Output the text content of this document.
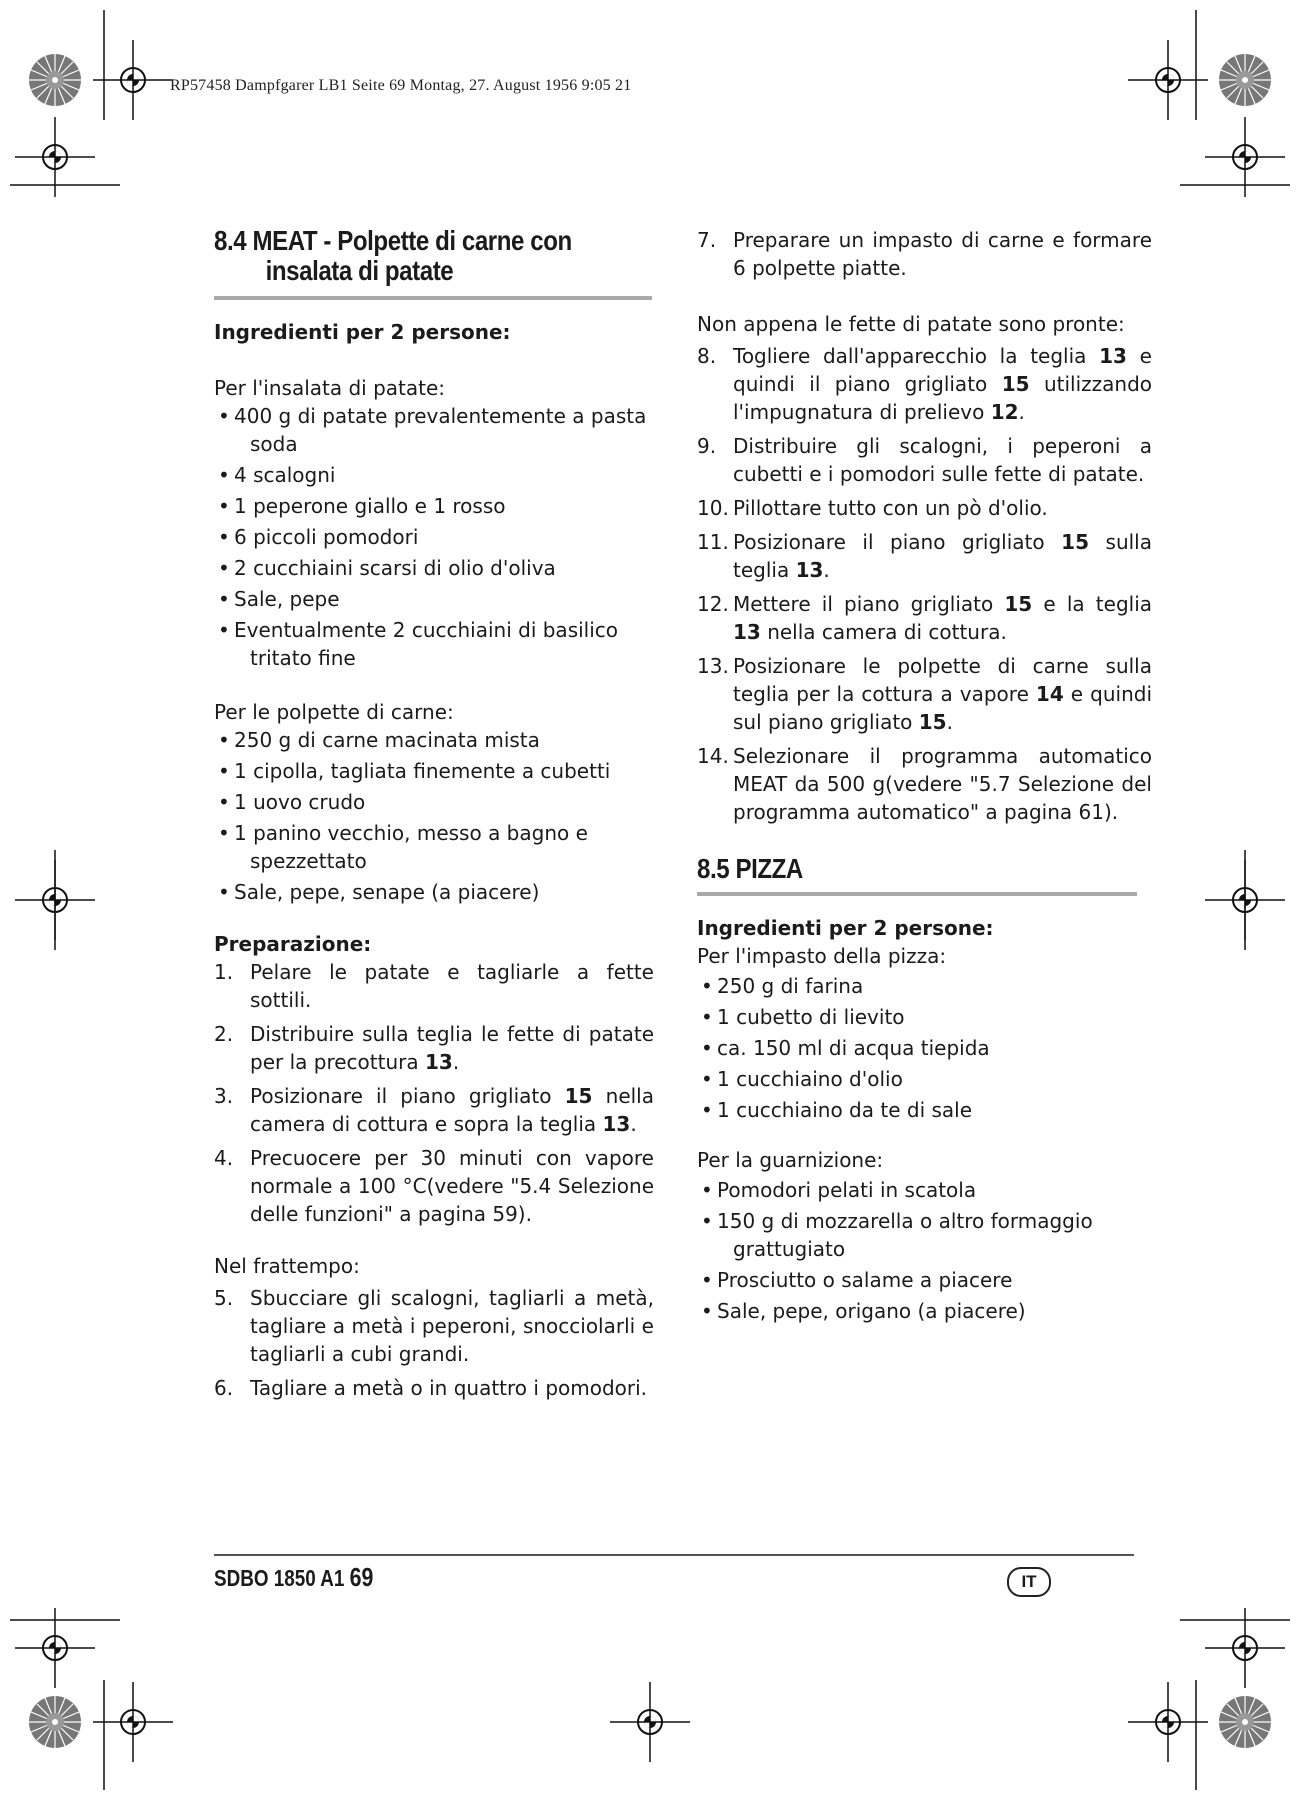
RP57458 Dampfgarer LB1 Seite 69 Montag, 27. August 1956 9:05 21
8.4 MEAT - Polpette di carne con
insalata di patate

Ingredienti per 2 persone:

Per l'insalata di patate:

• 400 g di patate prevalentemente a pasta soda
• 4 scalogni
• 1 peperone giallo e 1 rosso
• 6 piccoli pomodori
• 2 cucchiaini scarsi di olio d'oliva
• Sale, pepe
• Eventualmente 2 cucchiaini di basilico tritato fine

Per le polpette di carne:

• 250 g di carne macinata mista
• 1 cipolla, tagliata finemente a cubetti
• 1 uovo crudo
• 1 panino vecchio, messo a bagno e spezzettato
• Sale, pepe, senape (a piacere)

Preparazione:

1. Pelare le patate e tagliarle a fette sottili.
2. Distribuire sulla teglia le fette di patate per la precottura 13.
3. Posizionare il piano grigliato 15 nella camera di cottura e sopra la teglia 13.
4. Precuocere per 30 minuti con vapore normale a 100 °C(vedere "5.4 Selezione delle funzioni" a pagina 59).

Nel frattempo:

5. Sbucciare gli scalogni, tagliarli a metà, tagliare a metà i peperoni, snocciolarli e tagliarli a cubi grandi.
6. Tagliare a metà o in quattro i pomodori.
7. Preparare un impasto di carne e formare 6 polpette piatte.

Non appena le fette di patate sono pronte:

8. Togliere dall'apparecchio la teglia 13 e quindi il piano grigliato 15 utilizzando l'impugnatura di prelievo 12.
9. Distribuire gli scalogni, i peperoni a cubetti e i pomodori sulle fette di patate.
10. Pillottare tutto con un pò d'olio.
11. Posizionare il piano grigliato 15 sulla teglia 13.
12. Mettere il piano grigliato 15 e la teglia 13 nella camera di cottura.
13. Posizionare le polpette di carne sulla teglia per la cottura a vapore 14 e quindi sul piano grigliato 15.
14. Selezionare il programma automatico MEAT da 500 g(vedere "5.7 Selezione del programma automatico" a pagina 61).
8.5 PIZZA

Ingredienti per 2 persone:

Per l'impasto della pizza:

• 250 g di farina
• 1 cubetto di lievito
• ca. 150 ml di acqua tiepida
• 1 cucchiaino d'olio
• 1 cucchiaino da te di sale

Per la guarnizione:

• Pomodori pelati in scatola
• 150 g di mozzarella o altro formaggio grattugiato
• Prosciutto o salame a piacere
• Sale, pepe, origano (a piacere)
SDBO 1850 A1 69	IT
